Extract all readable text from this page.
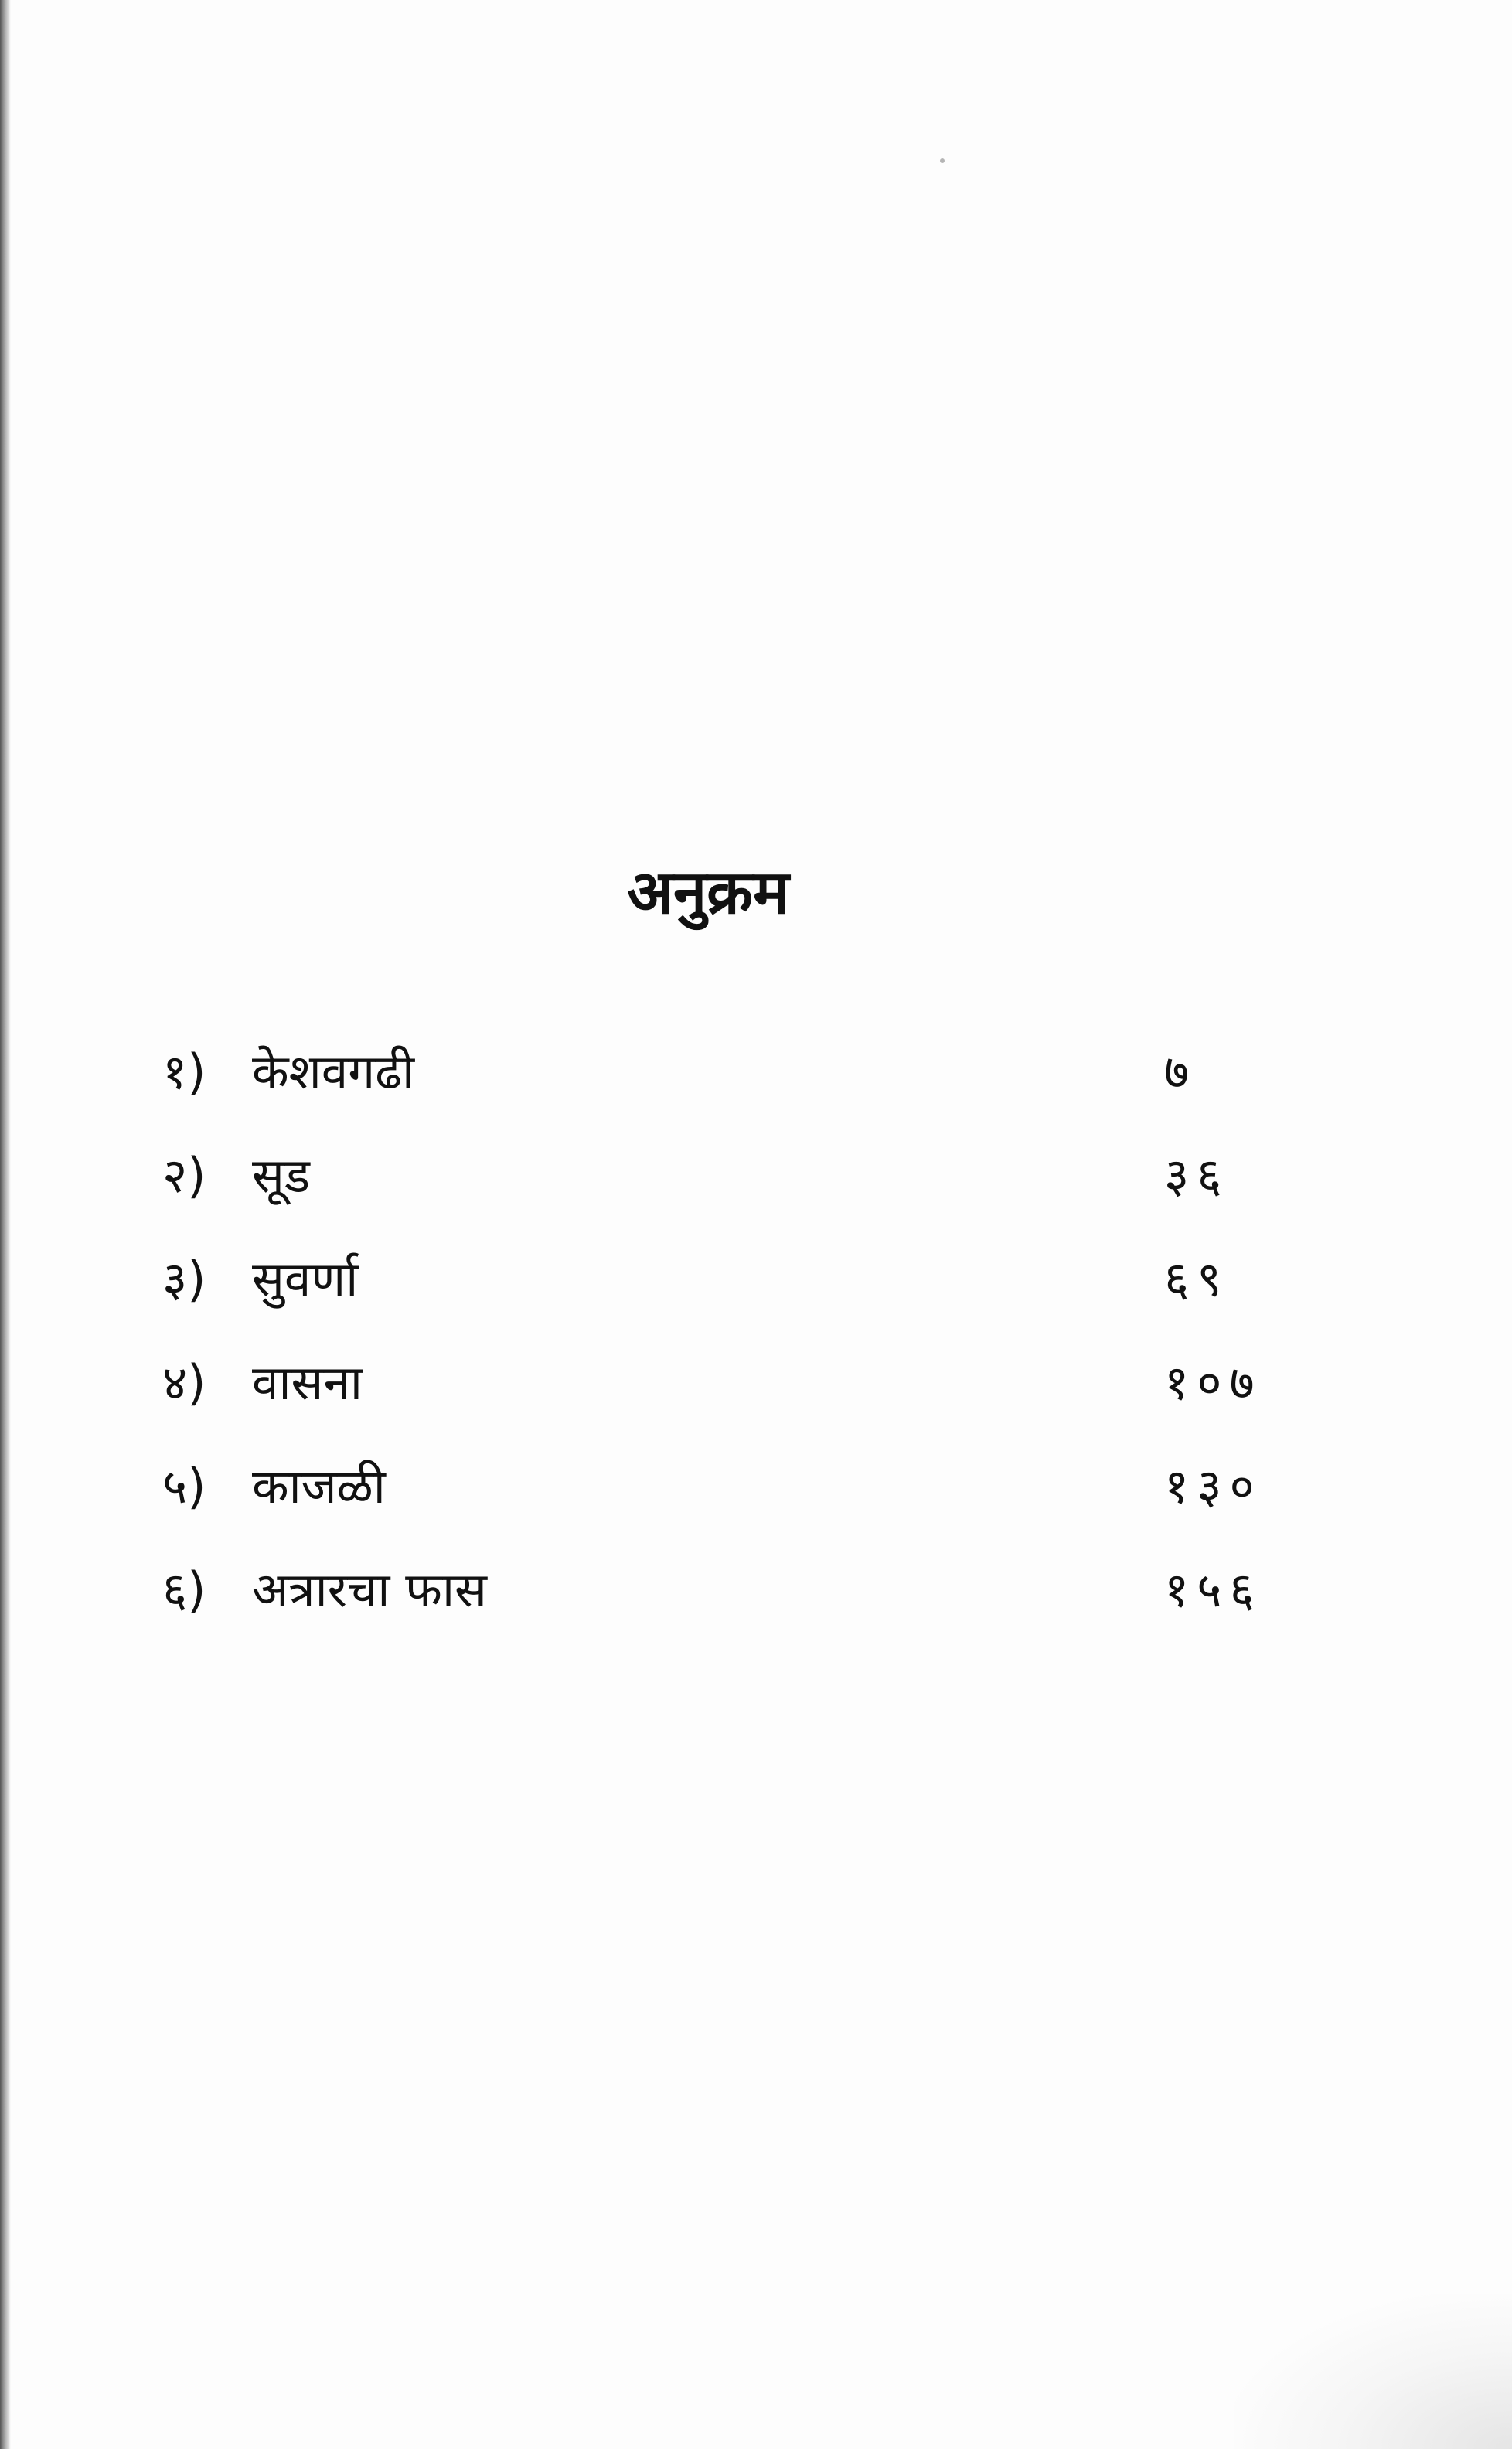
अनुक्रम
१) केशवगढी	७
२) सूड	३६
३) सुवर्णा	६९
४) वासना	१०७
५) काजळी	१३०
६) अत्रारचा फास	१५६
